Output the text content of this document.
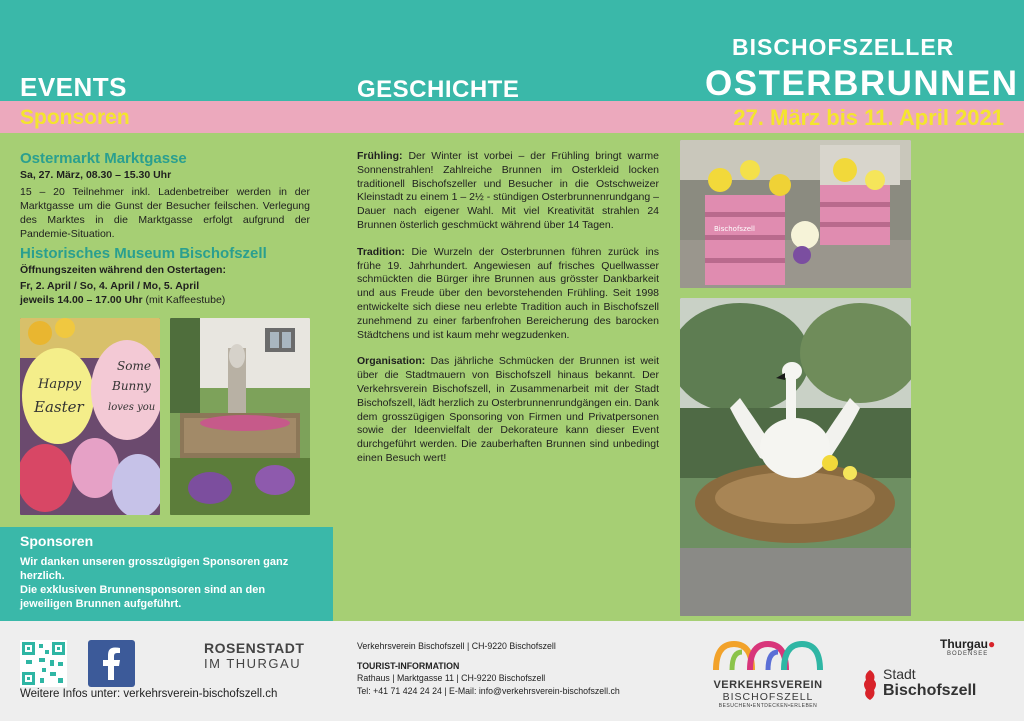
EVENTS	GESCHICHTE
BISCHOFSZELLER
OSTERBRUNNEN
Sponsoren	27. März bis 11. April 2021
Ostermarkt Marktgasse
Sa, 27. März, 08.30 – 15.30 Uhr
15 – 20 Teilnehmer inkl. Ladenbetreiber werden in der Marktgasse um die Gunst der Besucher feilschen. Verlegung des Marktes in die Marktgasse erfolgt aufgrund der Pandemie-Situation.
Historisches Museum Bischofszell
Öffnungszeiten während den Ostertagen:
Fr, 2. April / So, 4. April / Mo, 5. April
jeweils 14.00 – 17.00 Uhr (mit Kaffeestube)
Happy
Easter
Some
Bunny
loves you
Sponsoren
Wir danken unseren grosszügigen Sponsoren ganz herzlich.
Die exklusiven Brunnensponsoren sind an den jeweiligen Brunnen aufgeführt.

Frühling: Der Winter ist vorbei – der Frühling bringt warme Sonnenstrahlen! Zahlreiche Brunnen im Osterkleid locken traditionell Bischofszeller und Besucher in die Ostschweizer Kleinstadt zu einem 1 – 2½ - stündigen Osterbrunnenrundgang – Dauer nach eigener Wahl. Mit viel Kreativität strahlen 24 Brunnen österlich geschmückt während über 14 Tagen.

Tradition: Die Wurzeln der Osterbrunnen führen zurück ins frühe 19. Jahrhundert. Angewiesen auf frisches Quellwasser schmückten die Bürger ihre Brunnen aus grösster Dankbarkeit und aus Freude über den bevorstehenden Frühling. Seit 1998 entwickelte sich diese neu erlebte Tradition auch in Bischofszell zunehmend zu einer farbenfrohen Bereicherung des barocken Städtchens und ist kaum mehr wegzudenken.

Organisation: Das jährliche Schmücken der Brunnen ist weit über die Stadtmauern von Bischofszell hinaus bekannt. Der Verkehrsverein Bischofszell, in Zusammenarbeit mit der Stadt Bischofszell, lädt herzlich zu Osterbrunnenrundgängen ein. Dank dem grosszügigen Sponsoring von Firmen und Privatpersonen sowie der Ideenvielfalt der Dekorateure kann dieser Event durchgeführt werden. Die zauberhaften Brunnen sind unbedingt einen Besuch wert!

Bischofszell
ROSENSTADT
IM THURGAU
Weitere Infos unter: verkehrsverein-bischofszell.ch
Verkehrsverein Bischofszell | CH-9220 Bischofszell
TOURIST-INFORMATION
Rathaus | Marktgasse 11 | CH-9220 Bischofszell
Tel: +41 71 424 24 24 | E-Mail: info@verkehrsverein-bischofszell.ch	VERKEHRSVEREIN
BISCHOFSZELL
BESUCHEN•ENTDECKEN•ERLEBEN
Thurgau●
BODENSEE
Stadt
Bischofszell
